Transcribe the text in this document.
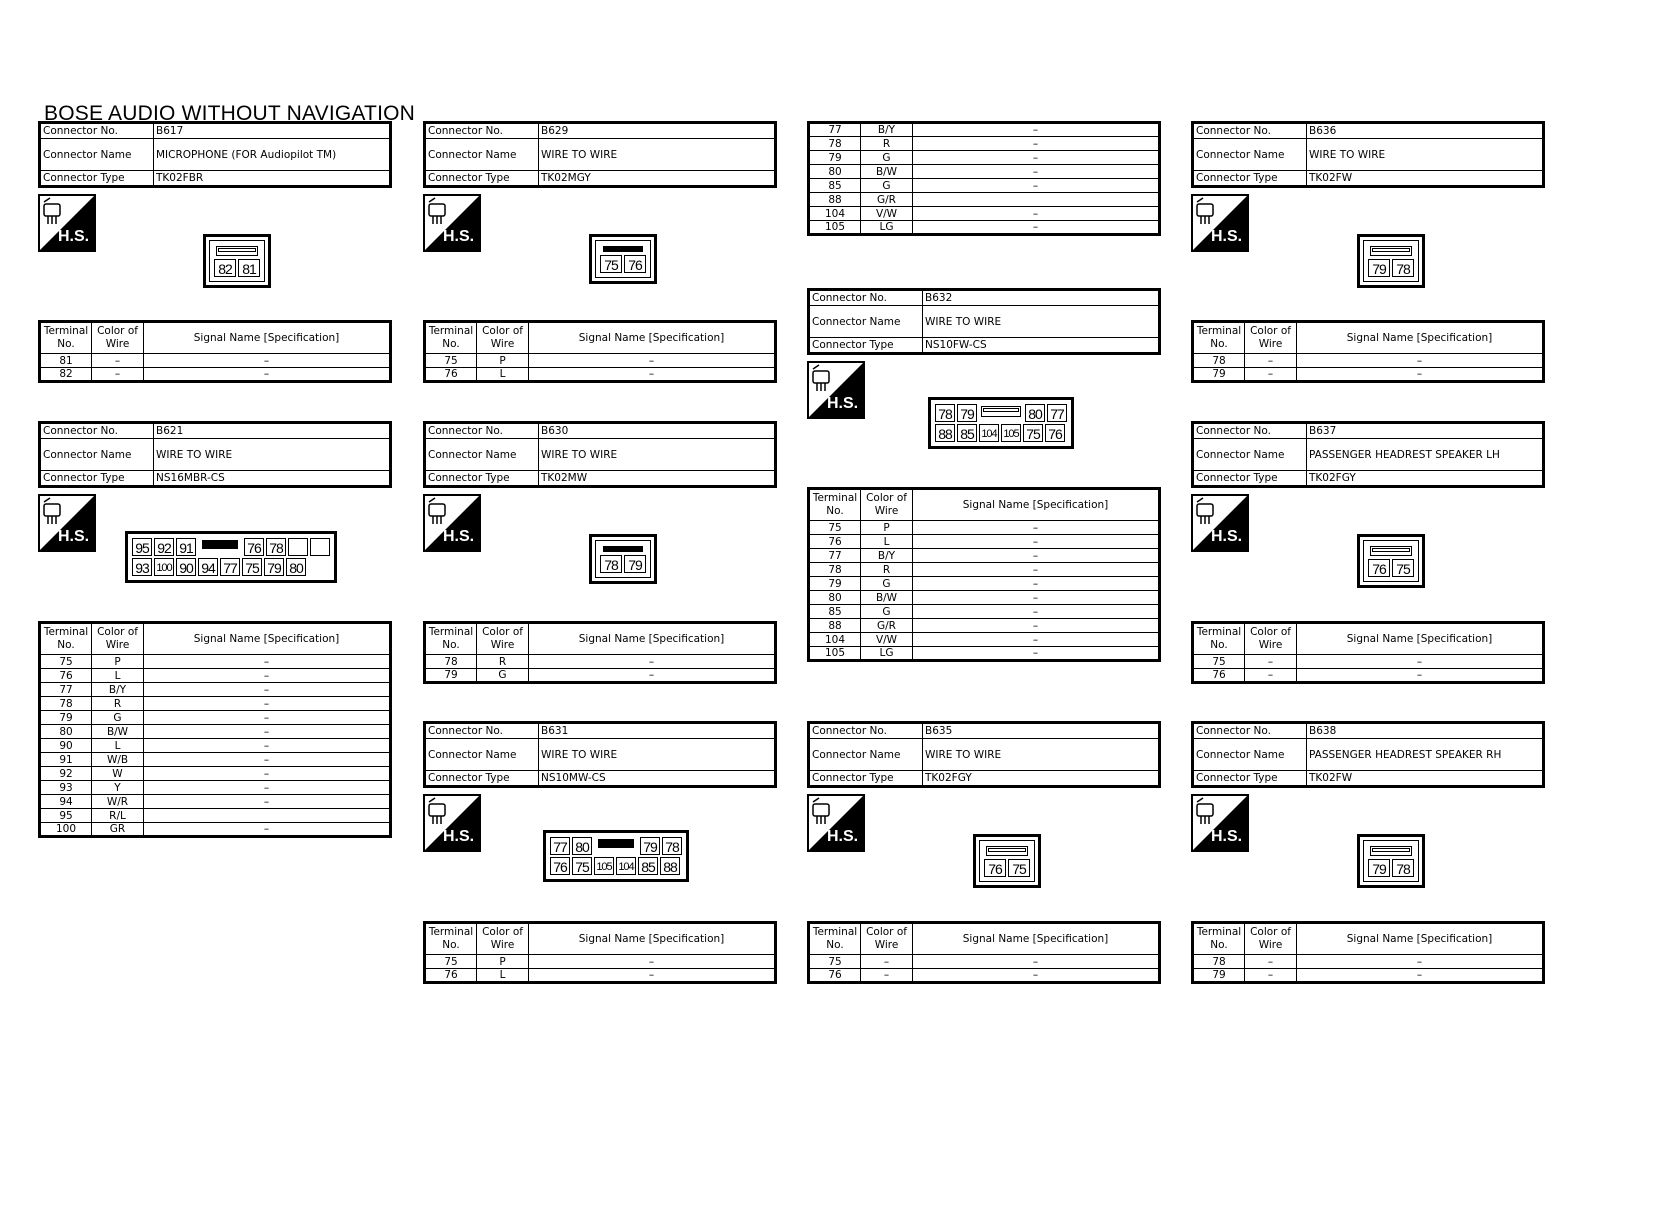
BOSE AUDIO WITHOUT NAVIGATION
Connector No.	B617
Connector Name	MICROPHONE (FOR Audiopilot TM)
Connector Type	TK02FBR
H.S.
82 81
Terminal No.	Color of Wire	Signal Name [Specification]
81	–	–
82	–	–
Connector No.	B621
Connector Name	WIRE TO WIRE
Connector Type	NS16MBR-CS
H.S.
95 92 91	76 78
93 100 90 94 77 75 79 80
Terminal No.	Color of Wire	Signal Name [Specification]
75	P	–
76	L	–
77	B/Y	–
78	R	–
79	G	–
80	B/W	–
90	L	–
91	W/B	–
92	W	–
93	Y	–
94	W/R	–
95	R/L	
100	GR	–
Connector No.	B629
Connector Name	WIRE TO WIRE
Connector Type	TK02MGY
H.S.
75 76
Terminal No.	Color of Wire	Signal Name [Specification]
75	P	–
76	L	–
Connector No.	B630
Connector Name	WIRE TO WIRE
Connector Type	TK02MW
H.S.
78 79
Terminal No.	Color of Wire	Signal Name [Specification]
78	R	–
79	G	–
Connector No.	B631
Connector Name	WIRE TO WIRE
Connector Type	NS10MW-CS
H.S.
77 80	79 78
76 75 105 104 85 88
Terminal No.	Color of Wire	Signal Name [Specification]
75	P	–
76	L	–
77	B/Y	–
78	R	–
79	G	–
80	B/W	–
85	G	–
88	G/R	
104	V/W	–
105	LG	–
Connector No.	B632
Connector Name	WIRE TO WIRE
Connector Type	NS10FW-CS
H.S.
78 79	80 77
88 85 104 105 75 76
Terminal No.	Color of Wire	Signal Name [Specification]
75	P	–
76	L	–
77	B/Y	–
78	R	–
79	G	–
80	B/W	–
85	G	–
88	G/R	–
104	V/W	–
105	LG	–
Connector No.	B635
Connector Name	WIRE TO WIRE
Connector Type	TK02FGY
H.S.
76 75
Terminal No.	Color of Wire	Signal Name [Specification]
75	–	–
76	–	–
Connector No.	B636
Connector Name	WIRE TO WIRE
Connector Type	TK02FW
H.S.
79 78
Terminal No.	Color of Wire	Signal Name [Specification]
78	–	–
79	–	–
Connector No.	B637
Connector Name	PASSENGER HEADREST SPEAKER LH
Connector Type	TK02FGY
H.S.
76 75
Terminal No.	Color of Wire	Signal Name [Specification]
75	–	–
76	–	–
Connector No.	B638
Connector Name	PASSENGER HEADREST SPEAKER RH
Connector Type	TK02FW
H.S.
79 78
Terminal No.	Color of Wire	Signal Name [Specification]
78	–	–
79	–	–
